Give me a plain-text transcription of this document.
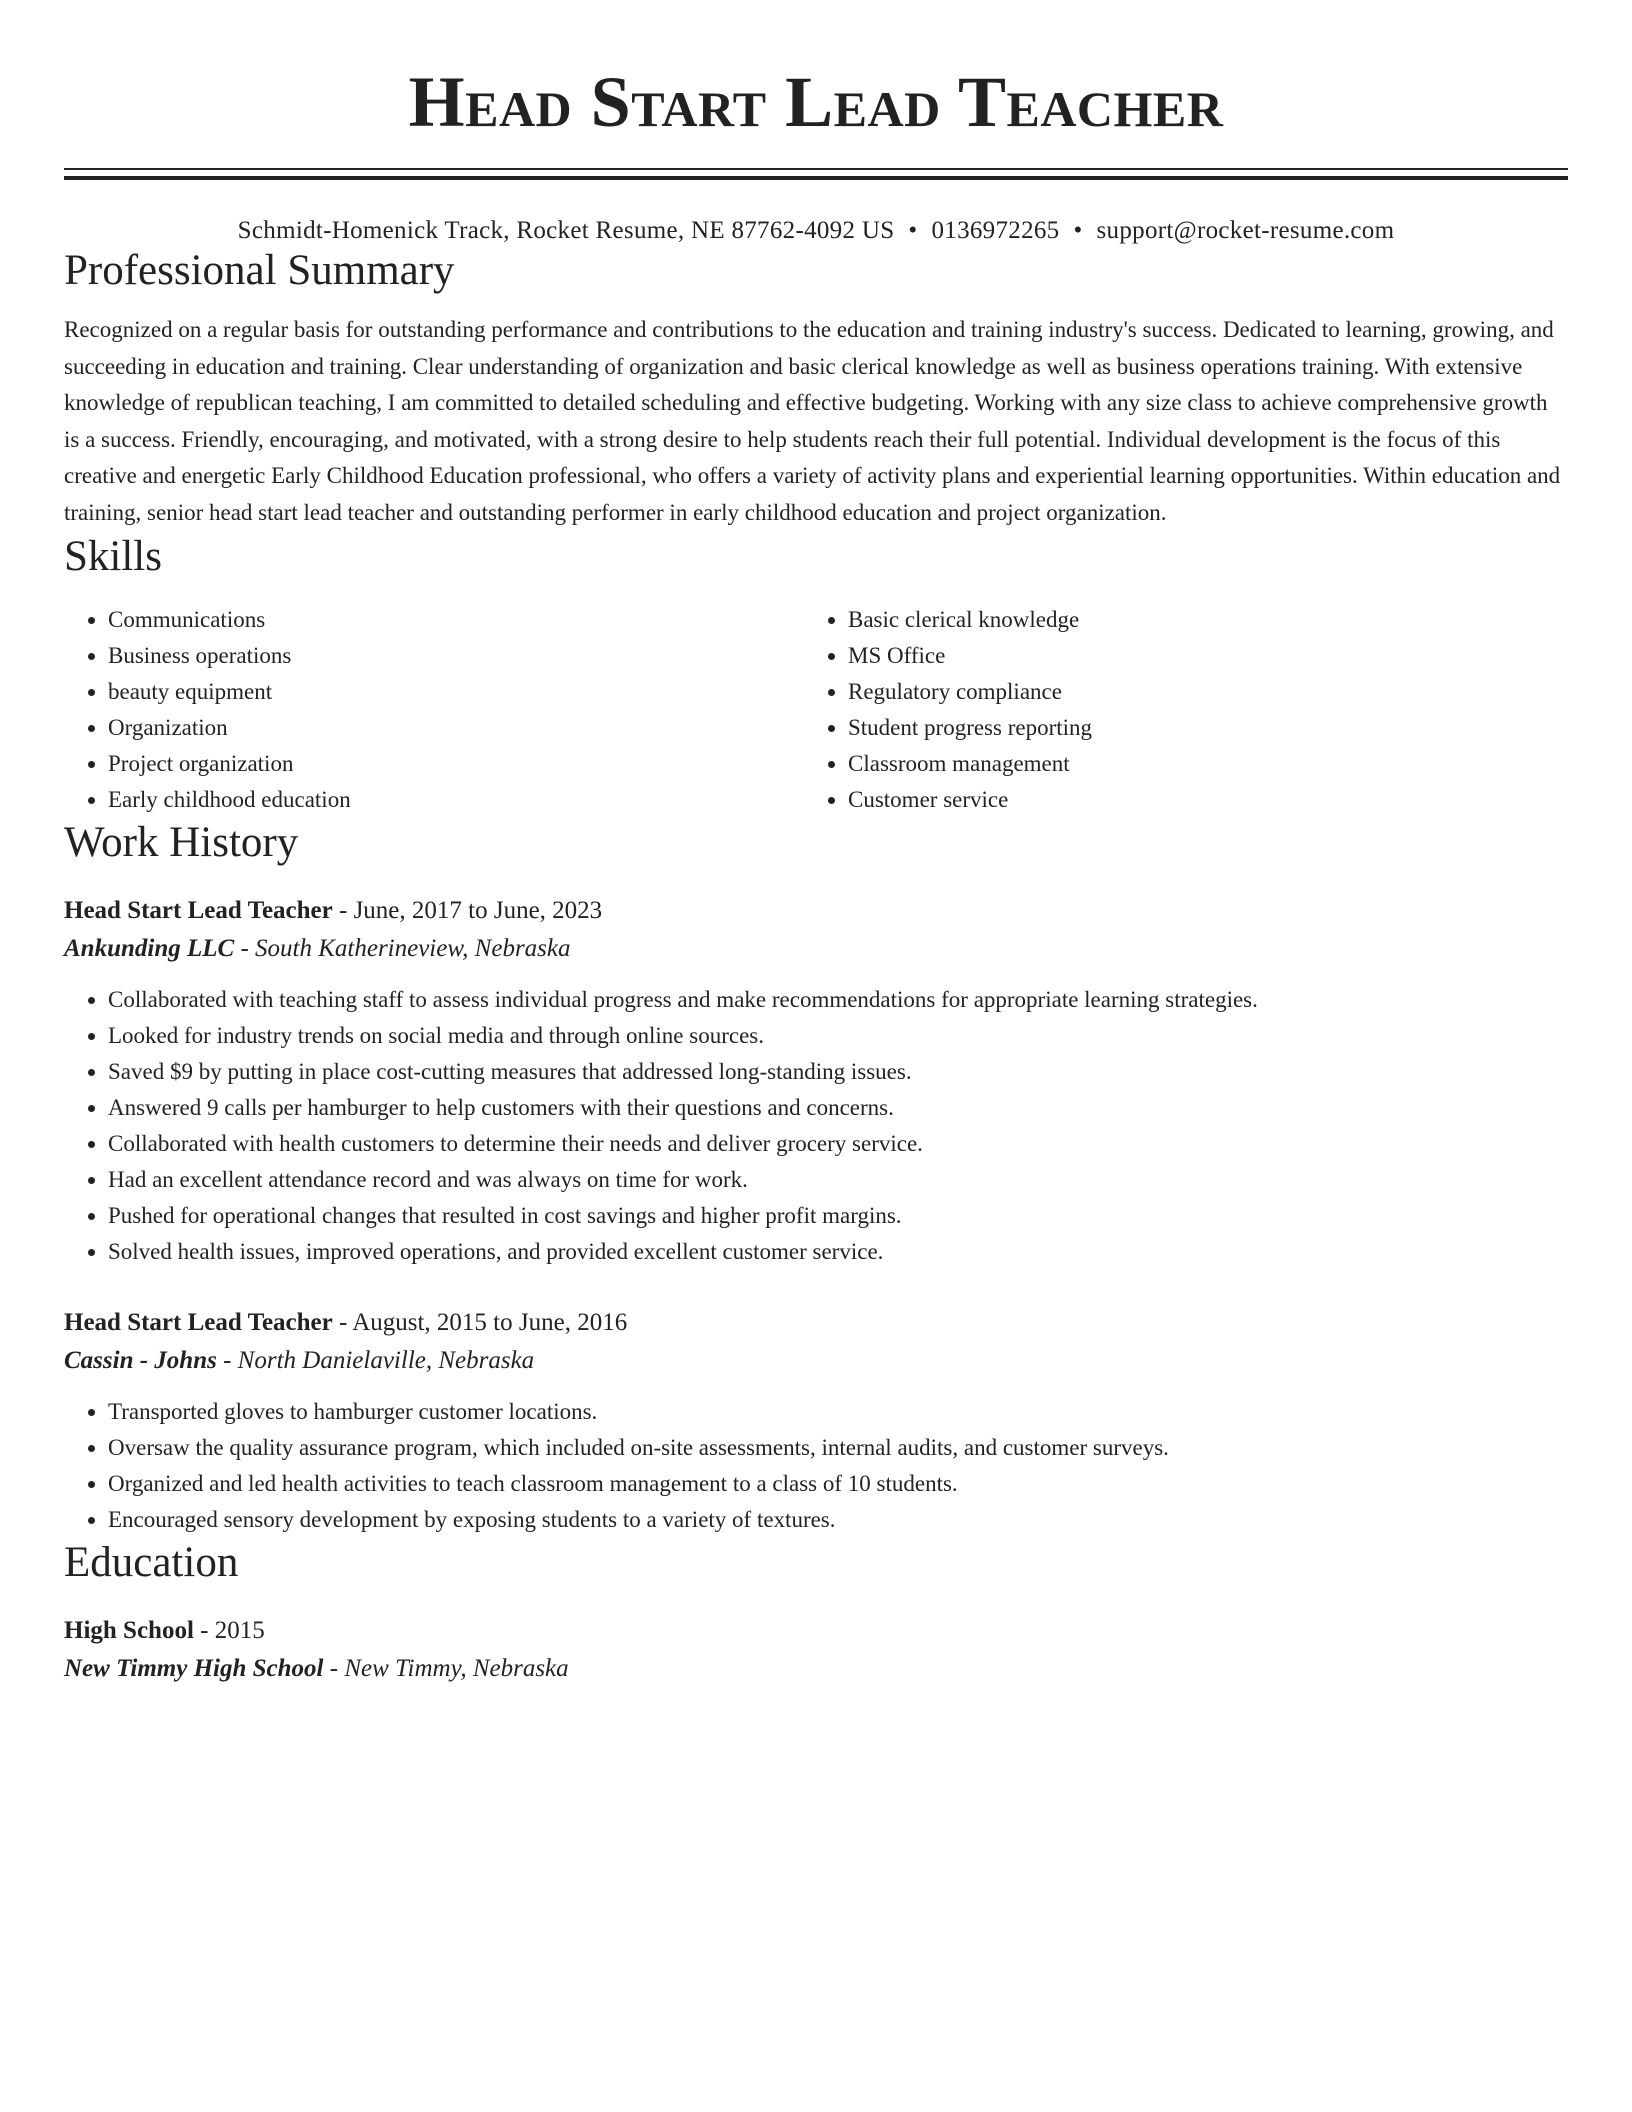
Head Start Lead Teacher
Schmidt-Homenick Track, Rocket Resume, NE 87762-4092 US • 0136972265 • support@rocket-resume.com
Professional Summary

Recognized on a regular basis for outstanding performance and contributions to the education and training industry's success. Dedicated to learning, growing, and succeeding in education and training. Clear understanding of organization and basic clerical knowledge as well as business operations training. With extensive knowledge of republican teaching, I am committed to detailed scheduling and effective budgeting. Working with any size class to achieve comprehensive growth is a success. Friendly, encouraging, and motivated, with a strong desire to help students reach their full potential. Individual development is the focus of this creative and energetic Early Childhood Education professional, who offers a variety of activity plans and experiential learning opportunities. Within education and training, senior head start lead teacher and outstanding performer in early childhood education and project organization.

Skills
• Communications
• Business operations
• beauty equipment
• Organization
• Project organization
• Early childhood education
• Basic clerical knowledge
• MS Office
• Regulatory compliance
• Student progress reporting
• Classroom management
• Customer service
Work History
Head Start Lead Teacher - June, 2017 to June, 2023
Ankunding LLC - South Katherineview, Nebraska
• Collaborated with teaching staff to assess individual progress and make recommendations for appropriate learning strategies.
• Looked for industry trends on social media and through online sources.
• Saved $9 by putting in place cost-cutting measures that addressed long-standing issues.
• Answered 9 calls per hamburger to help customers with their questions and concerns.
• Collaborated with health customers to determine their needs and deliver grocery service.
• Had an excellent attendance record and was always on time for work.
• Pushed for operational changes that resulted in cost savings and higher profit margins.
• Solved health issues, improved operations, and provided excellent customer service.
Head Start Lead Teacher - August, 2015 to June, 2016
Cassin - Johns - North Danielaville, Nebraska
• Transported gloves to hamburger customer locations.
• Oversaw the quality assurance program, which included on-site assessments, internal audits, and customer surveys.
• Organized and led health activities to teach classroom management to a class of 10 students.
• Encouraged sensory development by exposing students to a variety of textures.
Education
High School - 2015
New Timmy High School - New Timmy, Nebraska
